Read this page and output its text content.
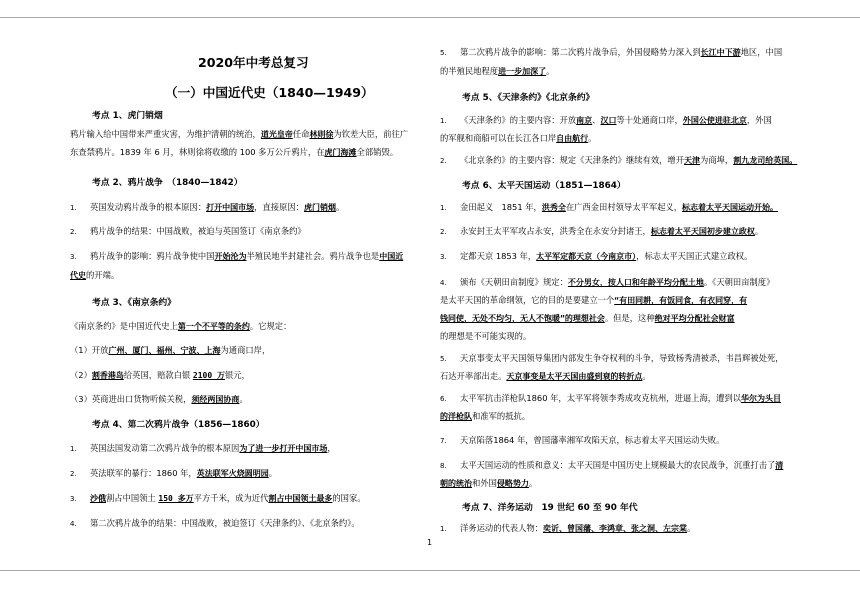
2020年中考总复习
（一）中国近代史（1840—1949）
考点 1、虎门销烟
鸦片输入给中国带来严重灾害，为维护清朝的统治，道光皇帝任命林则徐为钦差大臣，前往广
东查禁鸦片。1839 年 6 月，林则徐将收缴的 100 多万公斤鸦片，在虎门海滩全部销毁。
考点 2、鸦片战争　（1840—1842）
1. 英国发动鸦片战争的根本原因：打开中国市场，直接原因：虎门销烟。
2. 鸦片战争的结果：中国战败，被迫与英国签订《南京条约》
3. 鸦片战争的影响：鸦片战争使中国开始沦为半殖民地半封建社会。鸦片战争也是中国近
代史的开端。
考点 3、《南京条约》
《南京条约》是中国近代史上第一个不平等的条约。它规定：
（1）开放广州、厦门、福州、宁波、上海为通商口岸，
（2）割香港岛给英国，赔款白银 2100 万银元，
（3）英商进出口货物听候关税，须经两国协商。
考点 4、第二次鸦片战争（1856—1860）
1. 英国法国发动第二次鸦片战争的根本原因为了进一步打开中国市场，
2. 英法联军的暴行：1860 年，英法联军火烧圆明园。
3. 沙俄割占中国领土 150 多万平方千米，成为近代割占中国领土最多的国家。
4. 第二次鸦片战争的结果：中国战败，被迫签订《天津条约》、《北京条约》。
5. 第二次鸦片战争的影响：第二次鸦片战争后，外国侵略势力深入到长江中下游地区，中国
的半殖民地程度进一步加深了。
考点 5、《天津条约》《北京条约》
1. 《天津条约》的主要内容：开放南京、汉口等十处通商口岸，外国公使进驻北京，外国
的军舰和商船可以在长江各口岸自由航行。
2. 《北京条约》的主要内容：规定《天津条约》继续有效，增开天津为商埠，割九龙司给英国。
考点 6、太平天国运动（1851—1864）
1. 金田起义　1851 年，洪秀全在广西金田村领导太平军起义，标志着太平天国运动开始。
2. 永安封王太平军攻占永安，洪秀全在永安分封诸王，标志着太平天国初步建立政权。
3. 定都天京 1853 年，太平军定都天京（今南京市），标志太平天国正式建立政权。
4. 颁布《天朝田亩制度》规定：不分男女，按人口和年龄平均分配土地。《天朝田亩制度》
是太平天国的革命纲领，它的目的是要建立一个“有田同耕，有饭同食，有衣同穿，有
钱同使，无处不均匀，无人不饱暖”的理想社会。但是，这种绝对平均分配社会财富
的理想是不可能实现的。
5. 天京事变太平天国领导集团内部发生争夺权利的斗争，导致杨秀清被杀，韦昌辉被处死，
石达开率部出走。天京事变是太平天国由盛到衰的转折点。
6. 太平军抗击洋枪队1860 年，太平军将领李秀成攻克杭州，进逼上海，遭到以华尔为头目
的洋枪队和准军的抵抗。
7. 天京陷落1864 年，曾国藩率湘军攻陷天京，标志着太平天国运动失败。
8. 太平天国运动的性质和意义：太平天国是中国历史上规模最大的农民战争，沉重打击了清
朝的统治和外国侵略势力。
考点 7、洋务运动　19 世纪 60 至 90 年代
1. 洋务运动的代表人物：奕䜣、曾国藩、李鸿章、张之洞、左宗棠。
1
